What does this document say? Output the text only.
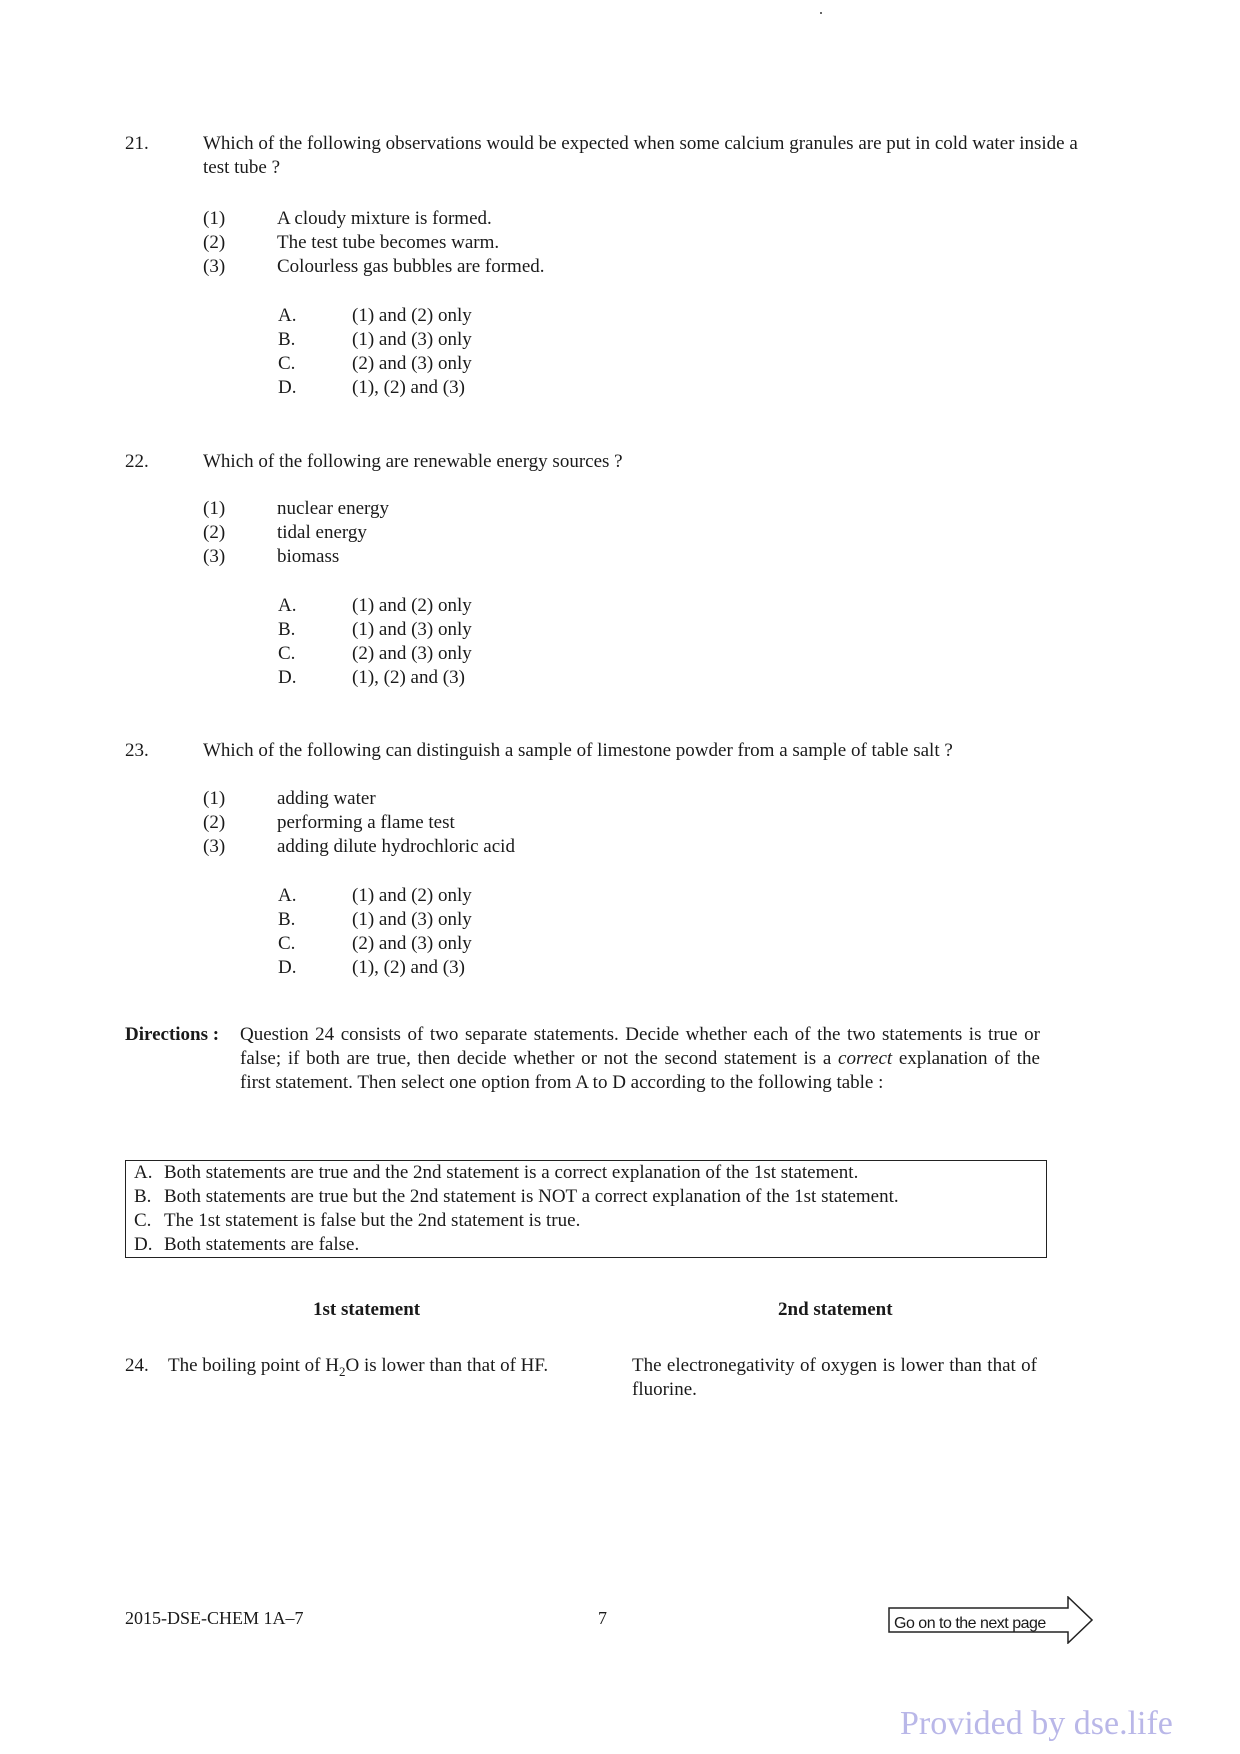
21.	Which of the following observations would be expected when some calcium granules are put in cold water inside a test tube ?
(1)	A cloudy mixture is formed.
(2)	The test tube becomes warm.
(3)	Colourless gas bubbles are formed.
A.	(1) and (2) only
B.	(1) and (3) only
C.	(2) and (3) only
D.	(1), (2) and (3)
22.	Which of the following are renewable energy sources ?
(1)	nuclear energy
(2)	tidal energy
(3)	biomass
A.	(1) and (2) only
B.	(1) and (3) only
C.	(2) and (3) only
D.	(1), (2) and (3)
23.	Which of the following can distinguish a sample of limestone powder from a sample of table salt ?
(1)	adding water
(2)	performing a flame test
(3)	adding dilute hydrochloric acid
A.	(1) and (2) only
B.	(1) and (3) only
C.	(2) and (3) only
D.	(1), (2) and (3)
Directions : Question 24 consists of two separate statements. Decide whether each of the two statements is true or false; if both are true, then decide whether or not the second statement is a correct explanation of the first statement. Then select one option from A to D according to the following table :
A. Both statements are true and the 2nd statement is a correct explanation of the 1st statement.
B. Both statements are true but the 2nd statement is NOT a correct explanation of the 1st statement.
C. The 1st statement is false but the 2nd statement is true.
D. Both statements are false.
1st statement	2nd statement
24. The boiling point of $H_2O$ is lower than that of HF.	The electronegativity of oxygen is lower than that of fluorine.
2015-DSE-CHEM 1A–7	7	Go on to the next page
Provided by dse.life
